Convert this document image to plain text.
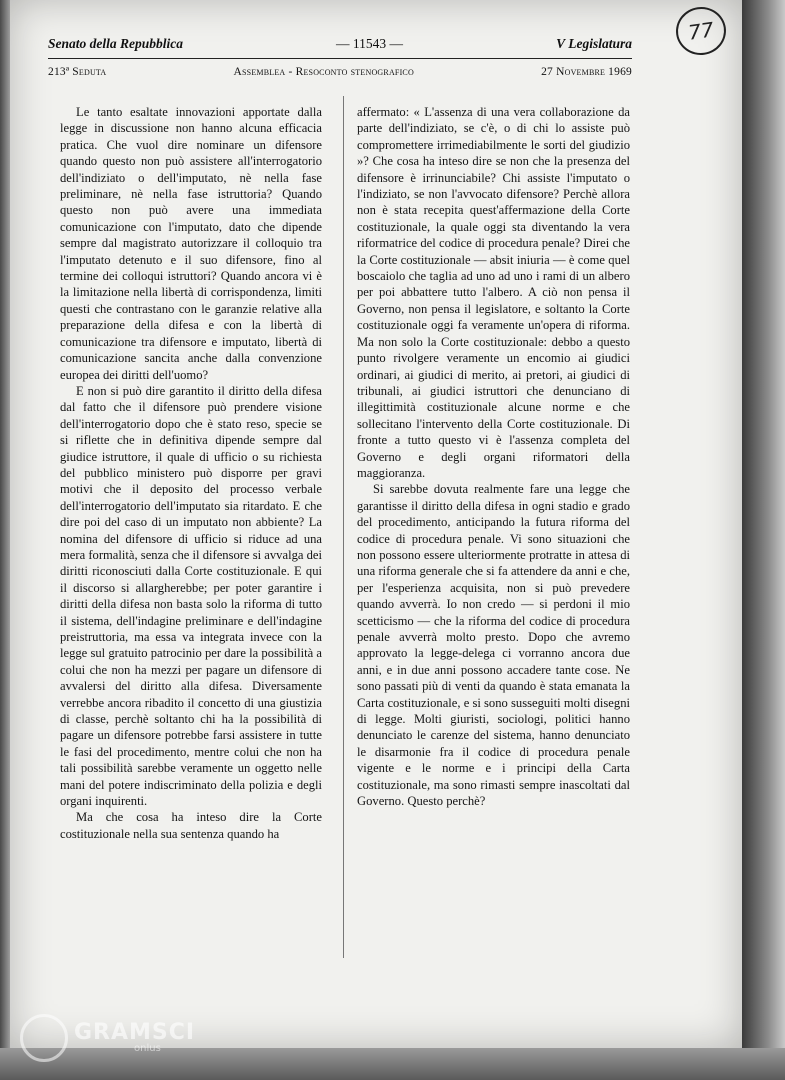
Senato della Repubblica	— 11543 —	V Legislatura
213ª Seduta	Assemblea - Resoconto stenografico	27 Novembre 1969
77

Le tanto esaltate innovazioni apportate dalla legge in discussione non hanno alcuna efficacia pratica. Che vuol dire nominare un difensore quando questo non può assistere all'interrogatorio dell'indiziato o dell'imputato, nè nella fase preliminare, nè nella fase istruttoria? Quando questo non può avere una immediata comunicazione con l'imputato, dato che dipende sempre dal magistrato autorizzare il colloquio tra l'imputato detenuto e il suo difensore, fino al termine dei colloqui istruttori? Quando ancora vi è la limitazione nella libertà di corrispondenza, limiti questi che contrastano con le garanzie relative alla preparazione della difesa e con la libertà di comunicazione tra difensore e imputato, libertà di comunicazione sancita anche dalla convenzione europea dei diritti dell'uomo?

E non si può dire garantito il diritto della difesa dal fatto che il difensore può prendere visione dell'interrogatorio dopo che è stato reso, specie se si riflette che in definitiva dipende sempre dal giudice istruttore, il quale di ufficio o su richiesta del pubblico ministero può disporre per gravi motivi che il deposito del processo verbale dell'interrogatorio dell'imputato sia ritardato. E che dire poi del caso di un imputato non abbiente? La nomina del difensore di ufficio si riduce ad una mera formalità, senza che il difensore si avvalga dei diritti riconosciuti dalla Corte costituzionale. E qui il discorso si allargherebbe; per poter garantire i diritti della difesa non basta solo la riforma di tutto il sistema, dell'indagine preliminare e dell'indagine preistruttoria, ma essa va integrata invece con la legge sul gratuito patrocinio per dare la possibilità a colui che non ha mezzi per pagare un difensore di avvalersi del diritto alla difesa. Diversamente verrebbe ancora ribadito il concetto di una giustizia di classe, perchè soltanto chi ha la possibilità di pagare un difensore potrebbe farsi assistere in tutte le fasi del procedimento, mentre colui che non ha tali possibilità sarebbe veramente un oggetto nelle mani del potere indiscriminato della polizia e degli organi inquirenti.

Ma che cosa ha inteso dire la Corte costituzionale nella sua sentenza quando ha

affermato: « L'assenza di una vera collaborazione da parte dell'indiziato, se c'è, o di chi lo assiste può compromettere irrimediabilmente le sorti del giudizio »? Che cosa ha inteso dire se non che la presenza del difensore è irrinunciabile? Chi assiste l'imputato o l'indiziato, se non l'avvocato difensore? Perchè allora non è stata recepita quest'affermazione della Corte costituzionale, la quale oggi sta diventando la vera riformatrice del codice di procedura penale? Direi che la Corte costituzionale — absit iniuria — è come quel boscaiolo che taglia ad uno ad uno i rami di un albero per poi abbattere tutto l'albero. A ciò non pensa il Governo, non pensa il legislatore, e soltanto la Corte costituzionale oggi fa veramente un'opera di riforma. Ma non solo la Corte costituzionale: debbo a questo punto rivolgere veramente un encomio ai giudici ordinari, ai giudici di merito, ai pretori, ai giudici di tribunali, ai giudici istruttori che denunciano di illegittimità costituzionale alcune norme e che sollecitano l'intervento della Corte costituzionale. Di fronte a tutto questo vi è l'assenza completa del Governo e degli organi riformatori della maggioranza.

Si sarebbe dovuta realmente fare una legge che garantisse il diritto della difesa in ogni stadio e grado del procedimento, anticipando la futura riforma del codice di procedura penale. Vi sono situazioni che non possono essere ulteriormente protratte in attesa di una riforma generale che si fa attendere da anni e che, per l'esperienza acquisita, non si può prevedere quando avverrà. Io non credo — si perdoni il mio scetticismo — che la riforma del codice di procedura penale avverrà molto presto. Dopo che avremo approvato la legge-delega ci vorranno ancora due anni, e in due anni possono accadere tante cose. Ne sono passati più di venti da quando è stata emanata la Carta costituzionale, e si sono susseguiti molti disegni di legge. Molti giuristi, sociologi, politici hanno denunciato le carenze del sistema, hanno denunciato le disarmonie fra il codice di procedura penale vigente e le norme e i principi della Carta costituzionale, ma sono rimasti sempre inascoltati dal Governo. Questo perchè?

GRAMSCI
onlus
